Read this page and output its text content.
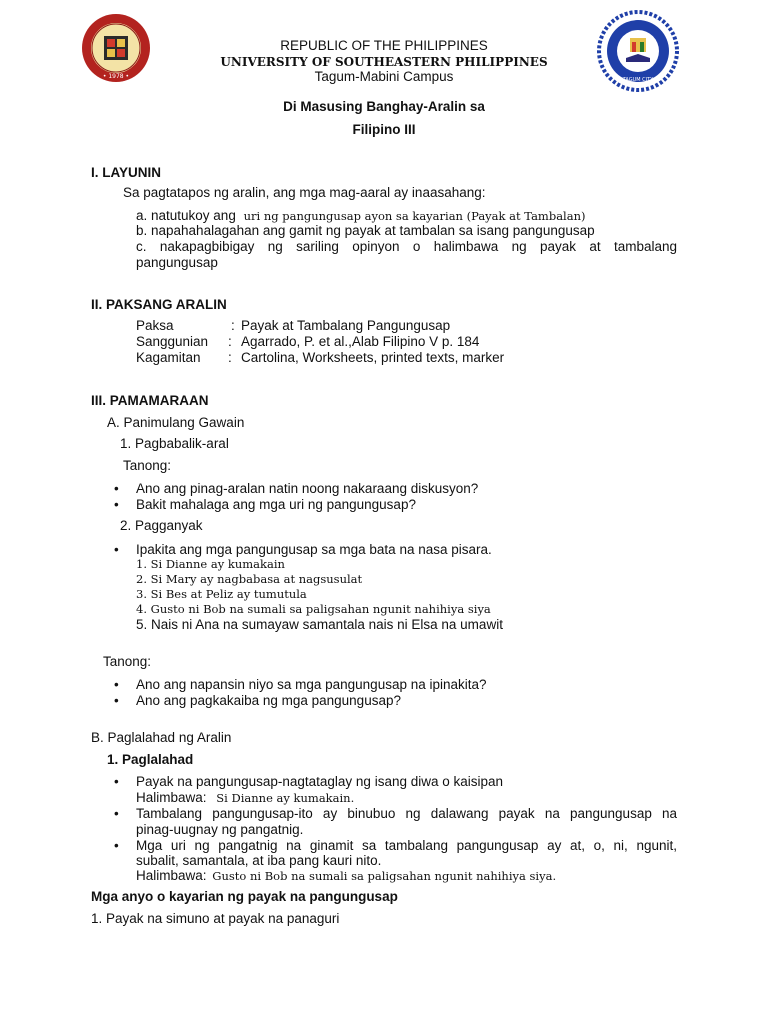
• 1978 •	TAGUM CITY
REPUBLIC OF THE PHILIPPINES
UNIVERSITY OF SOUTHEASTERN PHILIPPINES
Tagum-Mabini Campus
Di Masusing Banghay-Aralin sa
Filipino III
I. LAYUNIN
Sa pagtatapos ng aralin, ang mga mag-aaral ay inaasahang:
a. natutukoy ang uri ng pangungusap ayon sa kayarian (Payak at Tambalan)
b. napahahalagahan ang gamit ng payak at tambalan sa isang pangungusap
c. nakapagbibigay ng sariling opinyon o halimbawa ng payak at tambalang
pangungusap
II. PAKSANG ARALIN
Paksa	: Payak at Tambalang Pangungusap
Sanggunian : Agarrado, P. et al.,Alab Filipino V p. 184
Kagamitan : Cartolina, Worksheets, printed texts, marker
III. PAMAMARAAN
A. Panimulang Gawain
1. Pagbabalik-aral
Tanong:
• Ano ang pinag-aralan natin noong nakaraang diskusyon?
• Bakit mahalaga ang mga uri ng pangungusap?
2. Pagganyak
• Ipakita ang mga pangungusap sa mga bata na nasa pisara.
1. Si Dianne ay kumakain
2. Si Mary ay nagbabasa at nagsusulat
3. Si Bes at Peliz ay tumutula
4. Gusto ni Bob na sumali sa paligsahan ngunit nahihiya siya
5. Nais ni Ana na sumayaw samantala nais ni Elsa na umawit
Tanong:
• Ano ang napansin niyo sa mga pangungusap na ipinakita?
• Ano ang pagkakaiba ng mga pangungusap?
B. Paglalahad ng Aralin
1. Paglalahad
• Payak na pangungusap-nagtataglay ng isang diwa o kaisipan
Halimbawa: Si Dianne ay kumakain.
• Tambalang pangungusap-ito ay binubuo ng dalawang payak na pangungusap na
pinag-uugnay ng pangatnig.
• Mga uri ng pangatnig na ginamit sa tambalang pangungusap ay at, o, ni, ngunit,
subalit, samantala, at iba pang kauri nito.
Halimbawa: Gusto ni Bob na sumali sa paligsahan ngunit nahihiya siya.
Mga anyo o kayarian ng payak na pangungusap
1. Payak na simuno at payak na panaguri
